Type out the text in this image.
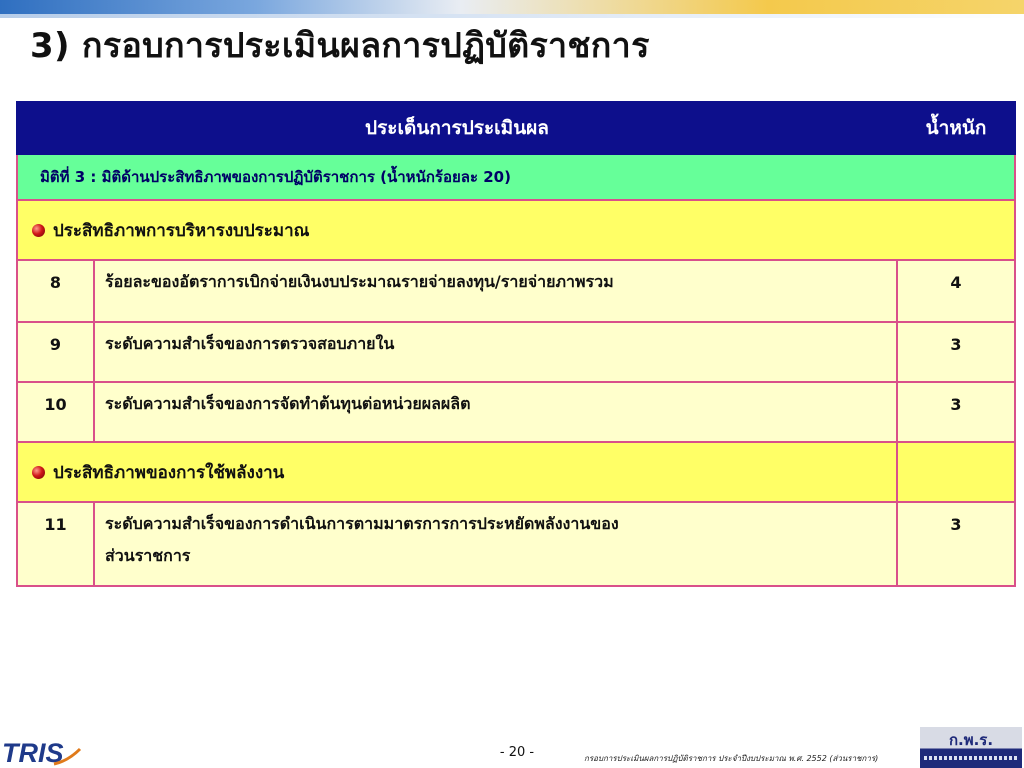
3) กรอบการประเมินผลการปฏิบัติราชการ
ประเด็นการประเมินผล		น้ำหนัก
มิติที่ 3 : มิติด้านประสิทธิภาพของการปฏิบัติราชการ (น้ำหนักร้อยละ 20)		

ประสิทธิภาพการบริหารงบประมาณ		

8	ร้อยละของอัตราการเบิกจ่ายเงินงบประมาณรายจ่ายลงทุน/รายจ่ายภาพรวม	4
9	ระดับความสำเร็จของการตรวจสอบภายใน	3
10	ระดับความสำเร็จของการจัดทำต้นทุนต่อหน่วยผลผลิต	3

ประสิทธิภาพของการใช้พลังงาน		

11	ระดับความสำเร็จของการดำเนินการตามมาตรการการประหยัดพลังงานของ
ส่วนราชการ	3
TRIS	- 20 -	กรอบการประเมินผลการปฏิบัติราชการ ประจำปีงบประมาณ พ.ศ. 2552 (ส่วนราชการ)
ก.พ.ร.
